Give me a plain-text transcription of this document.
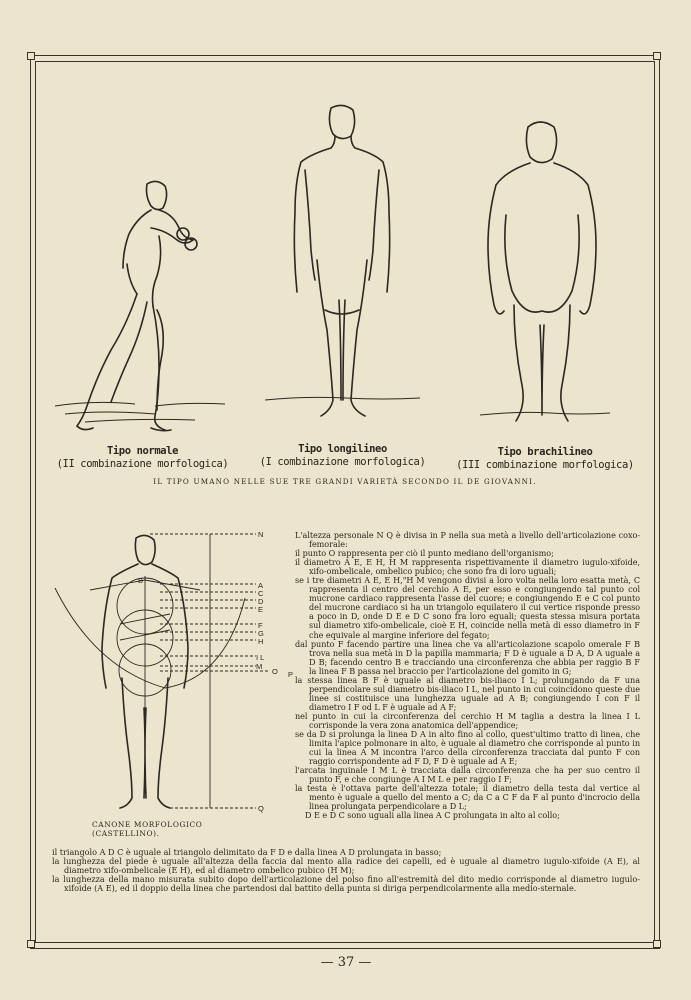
Tipo normale
(II combinazione morfologica)
Tipo longilineo
(I combinazione morfologica)
Tipo brachilineo
(III combinazione morfologica)
IL TIPO UMANO NELLE SUE TRE GRANDI VARIETÀ SECONDO IL DE GIOVANNI.
N
A
C
D
E
F
G
H
I L
M
O P
B
Q
CANONE MORFOLOGICO (CASTELLINO).

L'altezza personale N Q è divisa in P nella sua metà a livello dell'articolazione coxo-femorale:

il punto O rappresenta per ciò il punto mediano dell'organismo;

il diametro A E, E H, H M rappresenta rispettivamente il diametro iugulo-xifoide, xifo-ombelicale, ombelico pubico; che sono fra di loro uguali;

se i tre diametri A E, E H,"H M vengono divisi a loro volta nella loro esatta metà, C rappresenta il centro del cerchio A E, per esso e congiungendo tal punto col mucrone cardiaco rappresenta l'asse del cuore; e congiungendo E e C col punto del mucrone cardiaco si ha un triangolo equilatero il cui vertice risponde presso a poco in D, onde D E e D C sono fra loro eguali; questa stessa misura portata sul diametro xifo-ombelicale, cioè E H, coincide nella metà di esso diametro in F che equivale al margine inferiore del fegato;

dal punto F facendo partire una linea che va all'articolazione scapolo omerale F B trova nella sua metà in D la papilla mammaria; F D è uguale a D A, D A uguale a D B; facendo centro B e tracciando una circonferenza che abbia per raggio B F la linea F B passa nel braccio per l'articolazione del gomito in G;

la stessa linea B F è uguale al diametro bis-iliaco I L; prolungando da F una perpendicolare sul diametro bis-iliaco I L, nel punto in cui coincidono queste due linee si costituisce una lunghezza uguale ad A B; congiungendo I con F il diametro I F od L F è uguale ad A F;

nel punto in cui la circonferenza del cerchio H M taglia a destra la linea I L corrisponde la vera zona anatomica dell'appendice;

se da D si prolunga la linea D A in alto fino al collo, quest'ultimo tratto di linea, che limita l'apice polmonare in alto, è uguale al diametro che corrisponde al punto in cui la linea A M incontra l'arco della circonferenza tracciata dal punto F con raggio corrispondente ad F D, F D è uguale ad A E;

l'arcata inguinale I M L è tracciata dalla circonferenza che ha per suo centro il punto F, e che congiunge A I M L e per raggio I F;

la testa è l'ottava parte dell'altezza totale; il diametro della testa dal vertice al mento è uguale a quello del mento a C; da C a C F da F al punto d'incrocio della linea prolungata perpendicolare a D L;

D E e D C sono uguali alla linea A C prolungata in alto al collo;

il triangolo A D C è uguale al triangolo delimitato da F D e dalla linea A D prolungata in basso;

la lunghezza del piede è uguale all'altezza della faccia dal mento alla radice dei capelli, ed è uguale al diametro iugulo-xifoide (A E), al diametro xifo-ombelicale (E H), ed al diametro ombelico pubico (H M);

la lunghezza della mano misurata subito dopo dell'articolazione del polso fino all'estremità del dito medio corrisponde al diametro iugulo-xifoide (A E), ed il doppio della linea che partendosi dal battito della punta si diriga perpendicolarmente alla medio-sternale.

— 37 —
